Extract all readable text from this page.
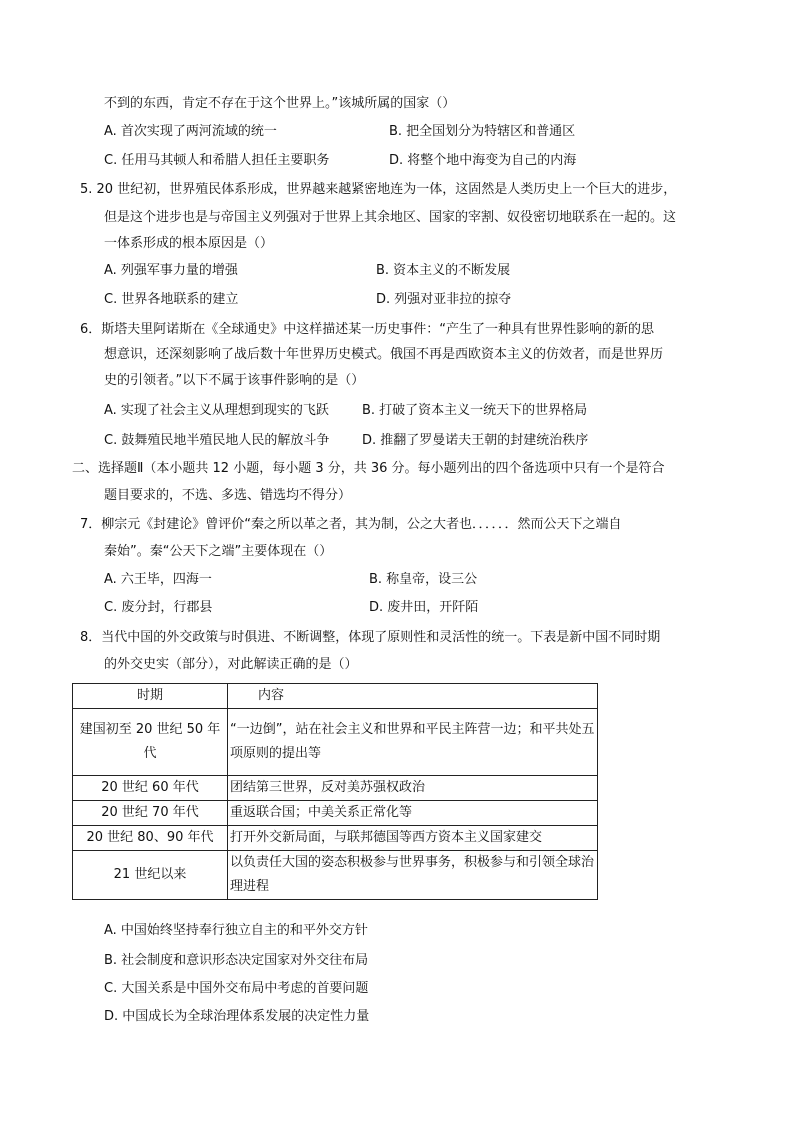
不到的东西，肯定不存在于这个世界上。”该城所属的国家（）
A. 首次实现了两河流域的统一	B. 把全国划分为特辖区和普通区
C. 任用马其顿人和希腊人担任主要职务	D. 将整个地中海变为自己的内海
5. 20 世纪初，世界殖民体系形成，世界越来越紧密地连为一体，这固然是人类历史上一个巨大的进步，
但是这个进步也是与帝国主义列强对于世界上其余地区、国家的宰割、奴役密切地联系在一起的。这
一体系形成的根本原因是（）
A. 列强军事力量的增强	B. 资本主义的不断发展
C. 世界各地联系的建立	D. 列强对亚非拉的掠夺
6．斯塔夫里阿诺斯在《全球通史》中这样描述某一历史事件：“产生了一种具有世界性影响的新的思
想意识，还深刻影响了战后数十年世界历史模式。俄国不再是西欧资本主义的仿效者，而是世界历
史的引领者。”以下不属于该事件影响的是（）
A. 实现了社会主义从理想到现实的飞跃	B. 打破了资本主义一统天下的世界格局
C. 鼓舞殖民地半殖民地人民的解放斗争	D. 推翻了罗曼诺夫王朝的封建统治秩序
二、选择题Ⅱ（本小题共 12 小题，每小题 3 分，共 36 分。每小题列出的四个备选项中只有一个是符合
题目要求的，不选、多选、错选均不得分）
7．柳宗元《封建论》曾评价“秦之所以革之者，其为制，公之大者也．．．．．．然而公天下之端自
秦始”。秦“公天下之端”主要体现在（）
A. 六王毕，四海一	B. 称皇帝，设三公
C. 废分封，行郡县	D. 废井田，开阡陌
8．当代中国的外交政策与时俱进、不断调整，体现了原则性和灵活性的统一。下表是新中国不同时期
的外交史实（部分），对此解读正确的是（）
时期	内容
建国初至 20 世纪 50 年代	“一边倒”，站在社会主义和世界和平民主阵营一边；和平共处五项原则的提出等
20 世纪 60 年代	团结第三世界，反对美苏强权政治
20 世纪 70 年代	重返联合国；中美关系正常化等
20 世纪 80、90 年代	打开外交新局面，与联邦德国等西方资本主义国家建交
21 世纪以来	以负责任大国的姿态积极参与世界事务，积极参与和引领全球治理进程
A. 中国始终坚持奉行独立自主的和平外交方针
B. 社会制度和意识形态决定国家对外交往布局
C. 大国关系是中国外交布局中考虑的首要问题
D. 中国成长为全球治理体系发展的决定性力量
